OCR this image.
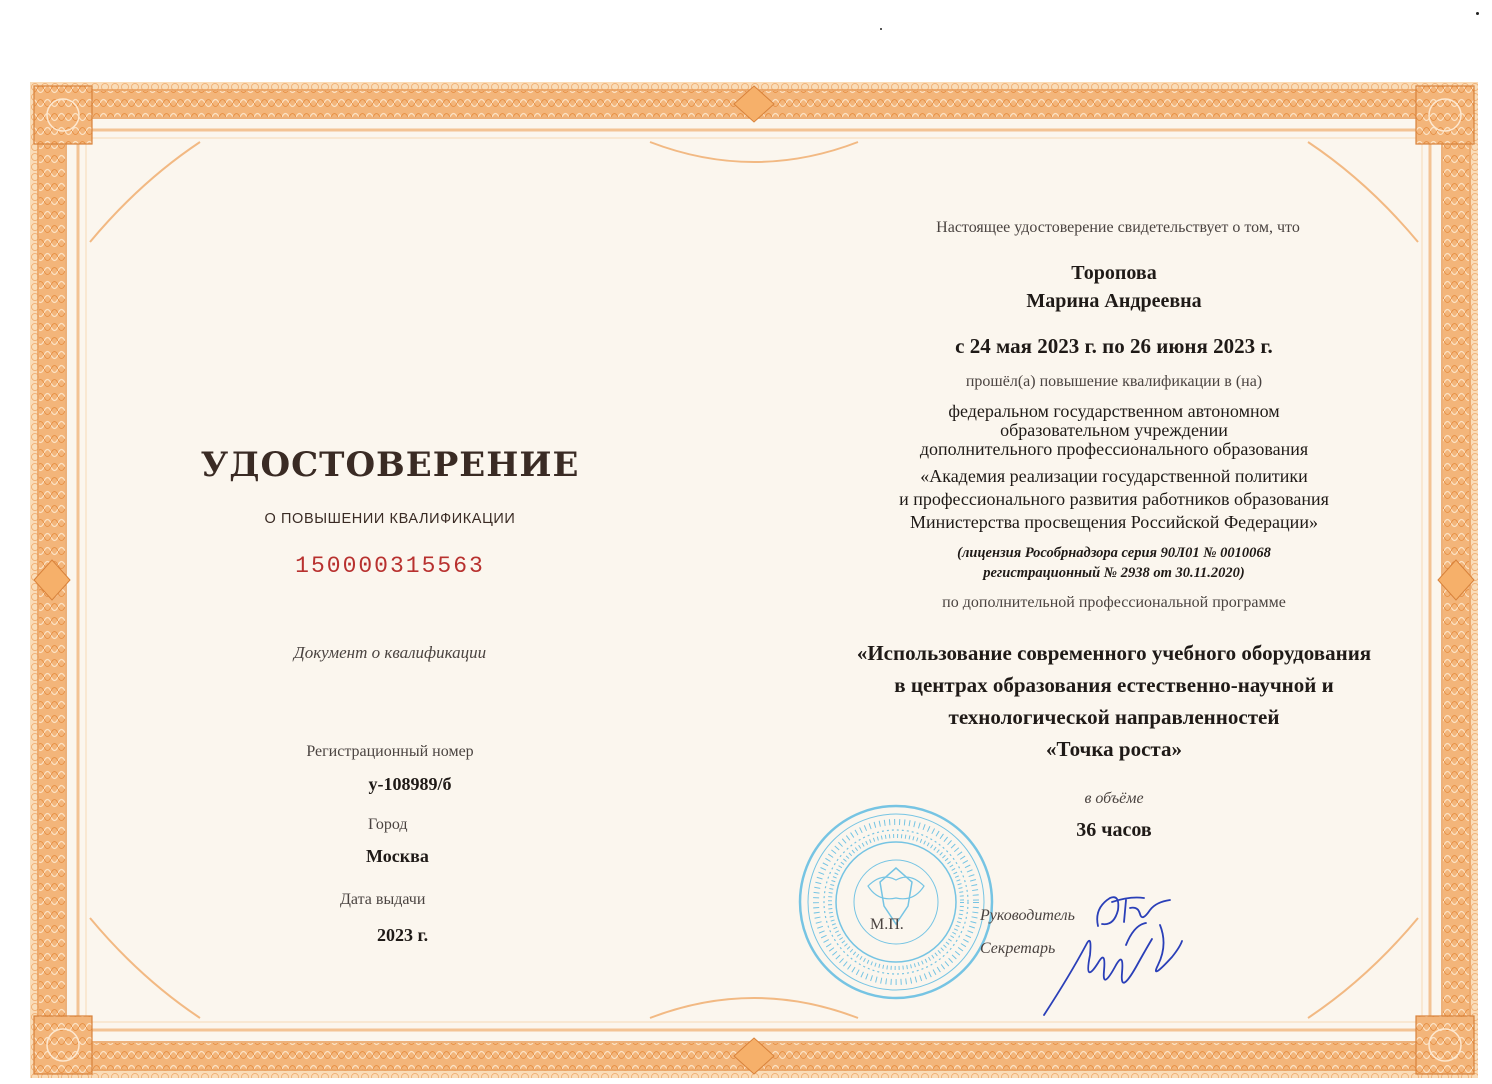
УДОСТОВЕРЕНИЕ
О ПОВЫШЕНИИ КВАЛИФИКАЦИИ
150000315563
Документ о квалификации
Регистрационный номер
у-108989/б
Город
Москва
Дата выдачи
2023 г.
Настоящее удостоверение свидетельствует о том, что
Торопова
Марина Андреевна
с 24 мая 2023 г. по 26 июня 2023 г.
прошёл(а) повышение квалификации в (на)
федеральном государственном автономном
образовательном учреждении
дополнительного профессионального образования
«Академия реализации государственной политики
и профессионального развития работников образования
Министерства просвещения Российской Федерации»
(лицензия Рособрнадзора серия 90Л01 № 0010068
регистрационный № 2938 от 30.11.2020)
по дополнительной профессиональной программе
«Использование современного учебного оборудования
в центрах образования естественно-научной и
технологической направленностей
«Точка роста»
в объёме
36 часов
М.П.
Руководитель
Секретарь
